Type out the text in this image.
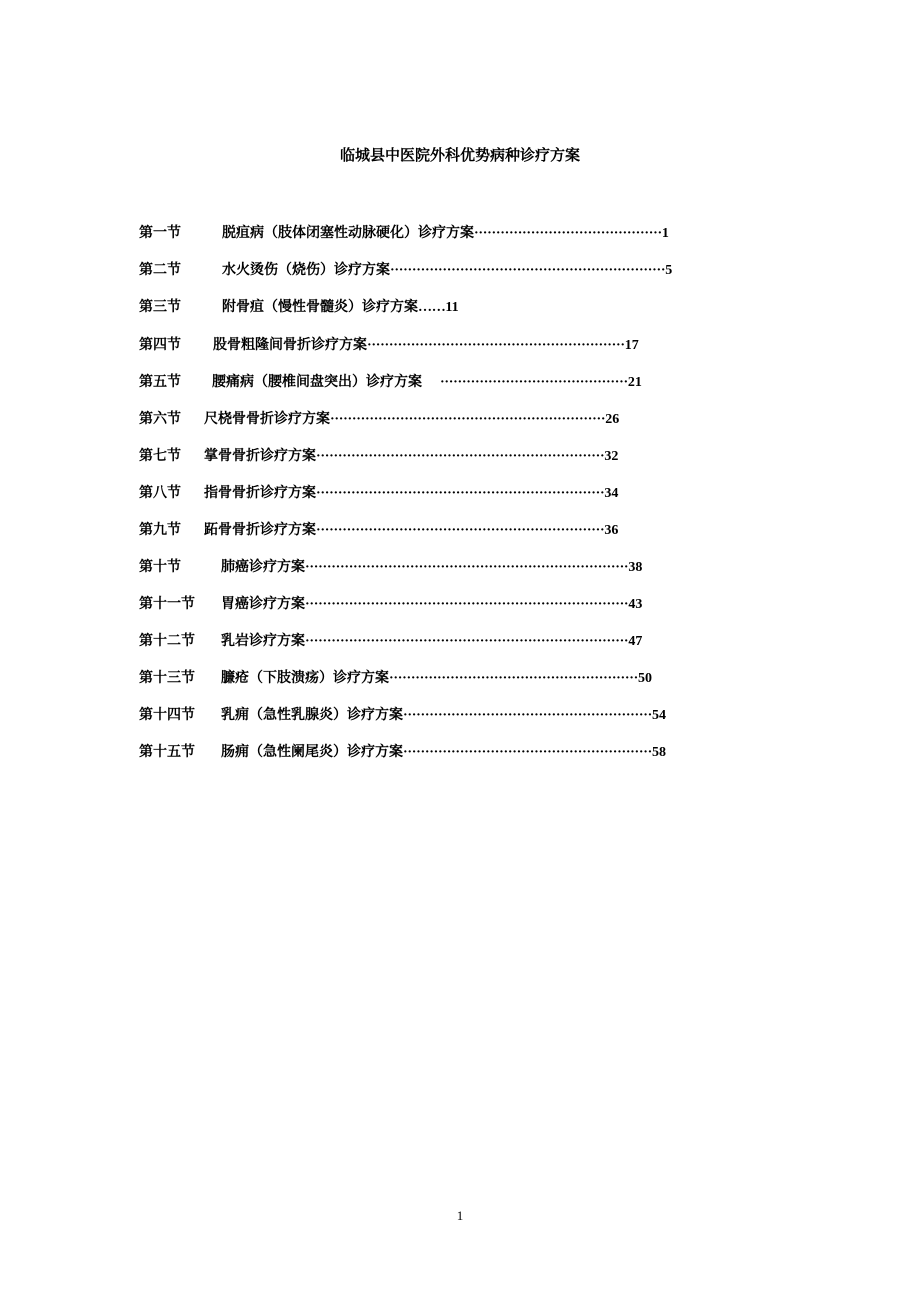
临城县中医院外科优势病种诊疗方案
第一节	脱疽病（肢体闭塞性动脉硬化）诊疗方案···········································1
第二节	水火烫伤（烧伤）诊疗方案·······························································5
第三节	附骨疽（慢性骨髓炎）诊疗方案……11
第四节 股骨粗隆间骨折诊疗方案···························································17
第五节 腰痛病（腰椎间盘突出）诊疗方案 ···········································21
第六节 尺桡骨骨折诊疗方案·······························································26
第七节 掌骨骨折诊疗方案··································································32
第八节 指骨骨折诊疗方案··································································34
第九节 跖骨骨折诊疗方案··································································36
第十节	肺癌诊疗方案··········································································38
第十一节 胃癌诊疗方案··········································································43
第十二节 乳岩诊疗方案··········································································47
第十三节 臁疮（下肢溃疡）诊疗方案·························································50
第十四节 乳痈（急性乳腺炎）诊疗方案·························································54
第十五节 肠痈（急性阑尾炎）诊疗方案·························································58
1
